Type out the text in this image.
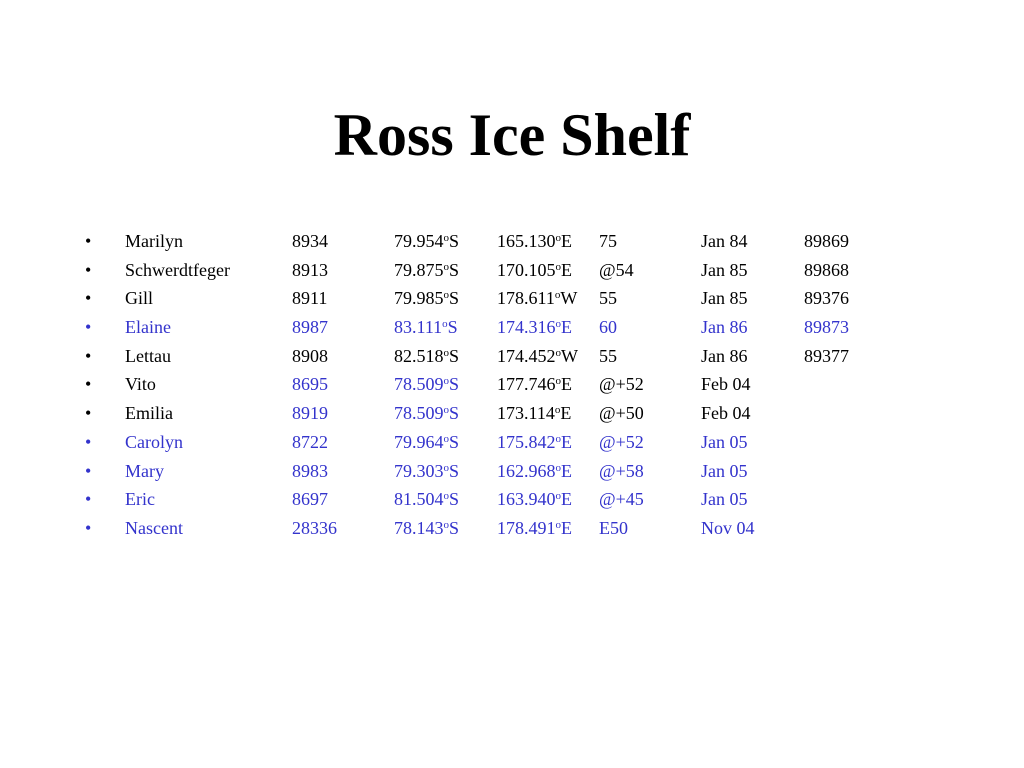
Ross Ice Shelf
• Marilyn	8934	79.954$^o$S 165.130$^o$E 75	Jan 84	89869
• Schwerdtfeger	8913	79.875$^o$S 170.105$^o$E @54	Jan 85	89868
• Gill	8911	79.985$^o$S 178.611$^o$W 55	Jan 85	89376
• Elaine	8987	83.111$^o$S 174.316$^o$E 60	Jan 86	89873
• Lettau	8908	82.518$^o$S 174.452$^o$W 55	Jan 86	89377
• Vito	8695	78.509$^o$S 177.746$^o$E @+52	Feb 04
• Emilia	8919	78.509$^o$S 173.114$^o$E @+50	Feb 04
• Carolyn	8722	79.964$^o$S 175.842$^o$E @+52	Jan 05
• Mary	8983	79.303$^o$S 162.968$^o$E @+58	Jan 05
• Eric	8697	81.504$^o$S 163.940$^o$E @+45	Jan 05
• Nascent	28336	78.143$^o$S 178.491$^o$E E50	Nov 04
